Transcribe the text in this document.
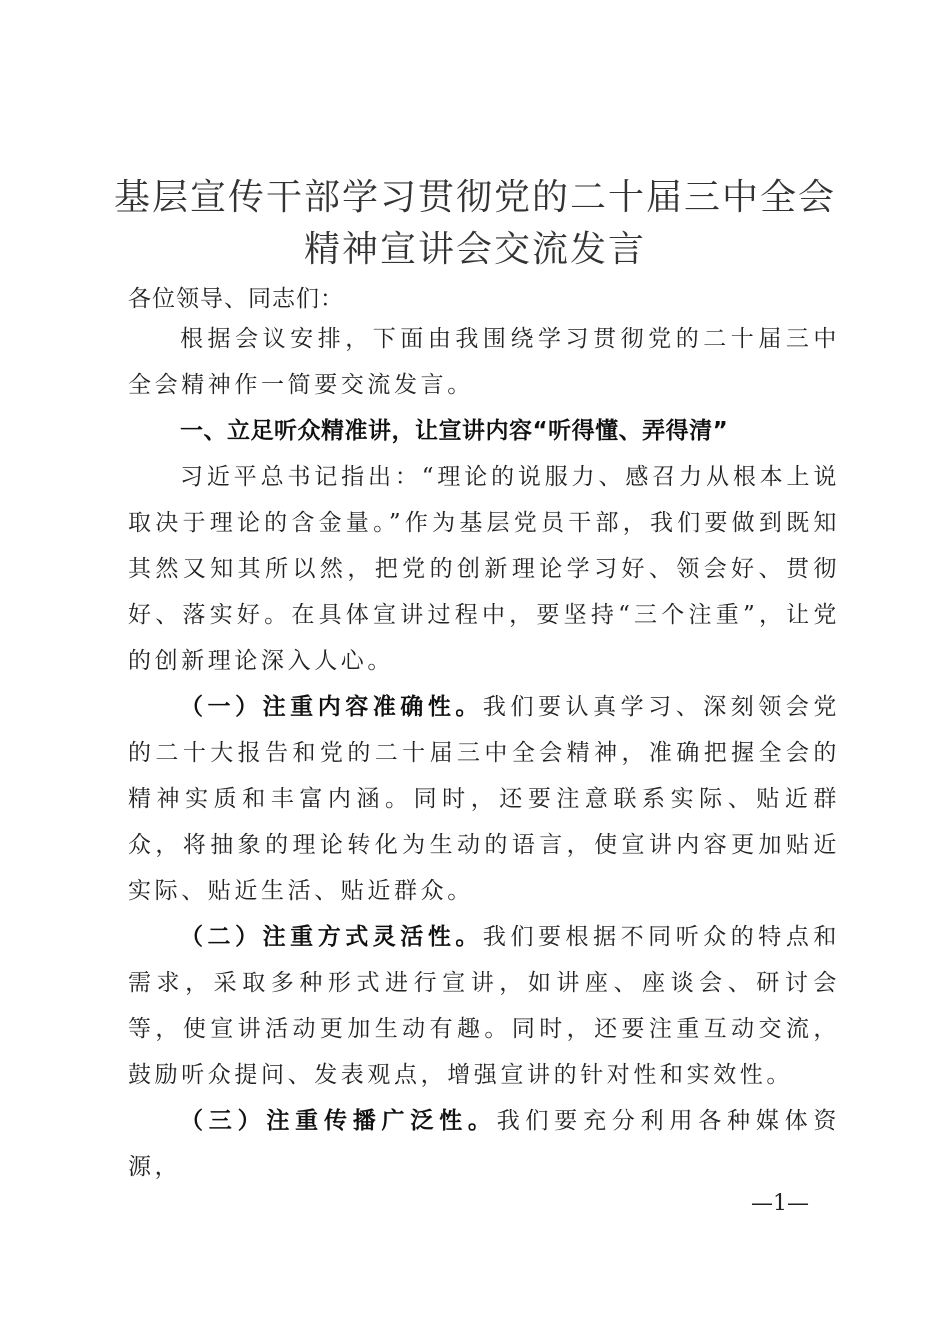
基层宣传干部学习贯彻党的二十届三中全会精神宣讲会交流发言
各位领导、同志们：
根据会议安排，下面由我围绕学习贯彻党的二十届三中全会精神作一简要交流发言。
一、立足听众精准讲，让宣讲内容“听得懂、弄得清”
习近平总书记指出：“理论的说服力、感召力从根本上说取决于理论的含金量。”作为基层党员干部，我们要做到既知其然又知其所以然，把党的创新理论学习好、领会好、贯彻好、落实好。在具体宣讲过程中，要坚持“三个注重”，让党的创新理论深入人心。
（一）注重内容准确性。我们要认真学习、深刻领会党的二十大报告和党的二十届三中全会精神，准确把握全会的精神实质和丰富内涵。同时，还要注意联系实际、贴近群众，将抽象的理论转化为生动的语言，使宣讲内容更加贴近实际、贴近生活、贴近群众。
（二）注重方式灵活性。我们要根据不同听众的特点和需求，采取多种形式进行宣讲，如讲座、座谈会、研讨会等，使宣讲活动更加生动有趣。同时，还要注重互动交流，鼓励听众提问、发表观点，增强宣讲的针对性和实效性。
（三）注重传播广泛性。我们要充分利用各种媒体资源，
—1—
